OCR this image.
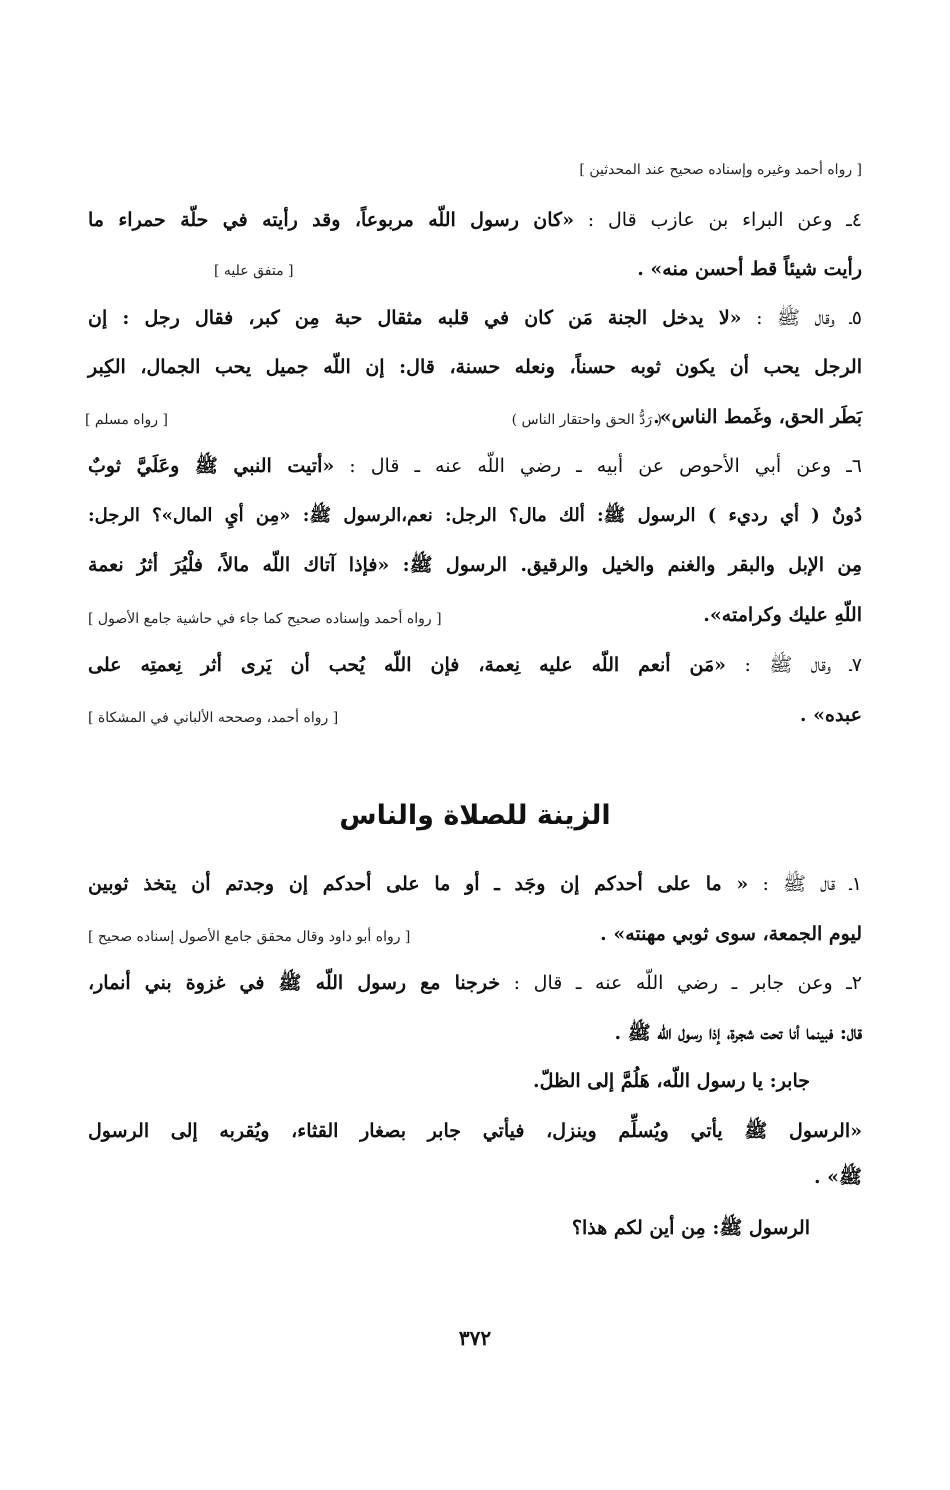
[ رواه أحمد وغيره وإسناده صحيح عند المحدثين ]
٤ـ وعن البراء بن عازب قال : «كان رسول اللّه مربوعاً، وقد رأيته في حلّة حمراء ما
رأيت شيئاً قط أحسن منه» .
[ متفق عليه ]
٥ـ وقال ﷺ : «لا يدخل الجنة مَن كان في قلبه مثقال حبة مِن كبر، فقال رجل : إن
الرجل يحب أن يكون ثوبه حسناً، ونعله حسنة، قال: إن اللّه جميل يحب الجمال، الكِبر
بَطَر الحق، وغَمط الناس».
( رَدُّ الحق واحتقار الناس )
[ رواه مسلم ]
٦ـ وعن أبي الأحوص عن أبيه ـ رضي اللّه عنه ـ قال : «أتيت النبي ﷺ وعَلَيَّ ثوبٌ
دُونٌ ( أي رديء ) الرسول ﷺ: ألك مال؟ الرجل: نعم،الرسول ﷺ: «مِن أيِ المال»؟ الرجل:
مِن الإبل والبقر والغنم والخيل والرقيق. الرسول ﷺ: «فإذا آتاك اللّه مالاً، فلْيُرَ أثرُ نعمة
اللّهِ عليك وكرامته».
[ رواه أحمد وإسناده صحيح كما جاء في حاشية جامع الأصول ]
٧ـ وقال ﷺ : «مَن أنعم اللّه عليه نِعمة، فإن اللّه يُحب أن يَرى أثر نِعمتِه على
عبده» .
[ رواه أحمد، وصححه الألباني في المشكاة ]
الزينة للصلاة والناس
١ـ قال ﷺ : « ما على أحدكم إن وجَد ـ أو ما على أحدكم إن وجدتم أن يتخذ ثوبين
ليوم الجمعة، سوى ثوبي مهنته» .
[ رواه أبو داود وقال محقق جامع الأصول إسناده صحيح ]
٢ـ وعن جابر ـ رضي اللّه عنه ـ قال : خرجنا مع رسول اللّه ﷺ في غزوة بني أنمار،
قال: فبينما أنا تحت شجرة، إذا رسول اللّه ﷺ .
جابر: يا رسول اللّه، هَلُمَّ إلى الظلّ.
«الرسول ﷺ يأتي ويُسلِّم وينزل، فيأتي جابر بصغار القثاء، ويُقربه إلى الرسول
ﷺ» .
الرسول ﷺ: مِن أين لكم هذا؟
٣٧٢
